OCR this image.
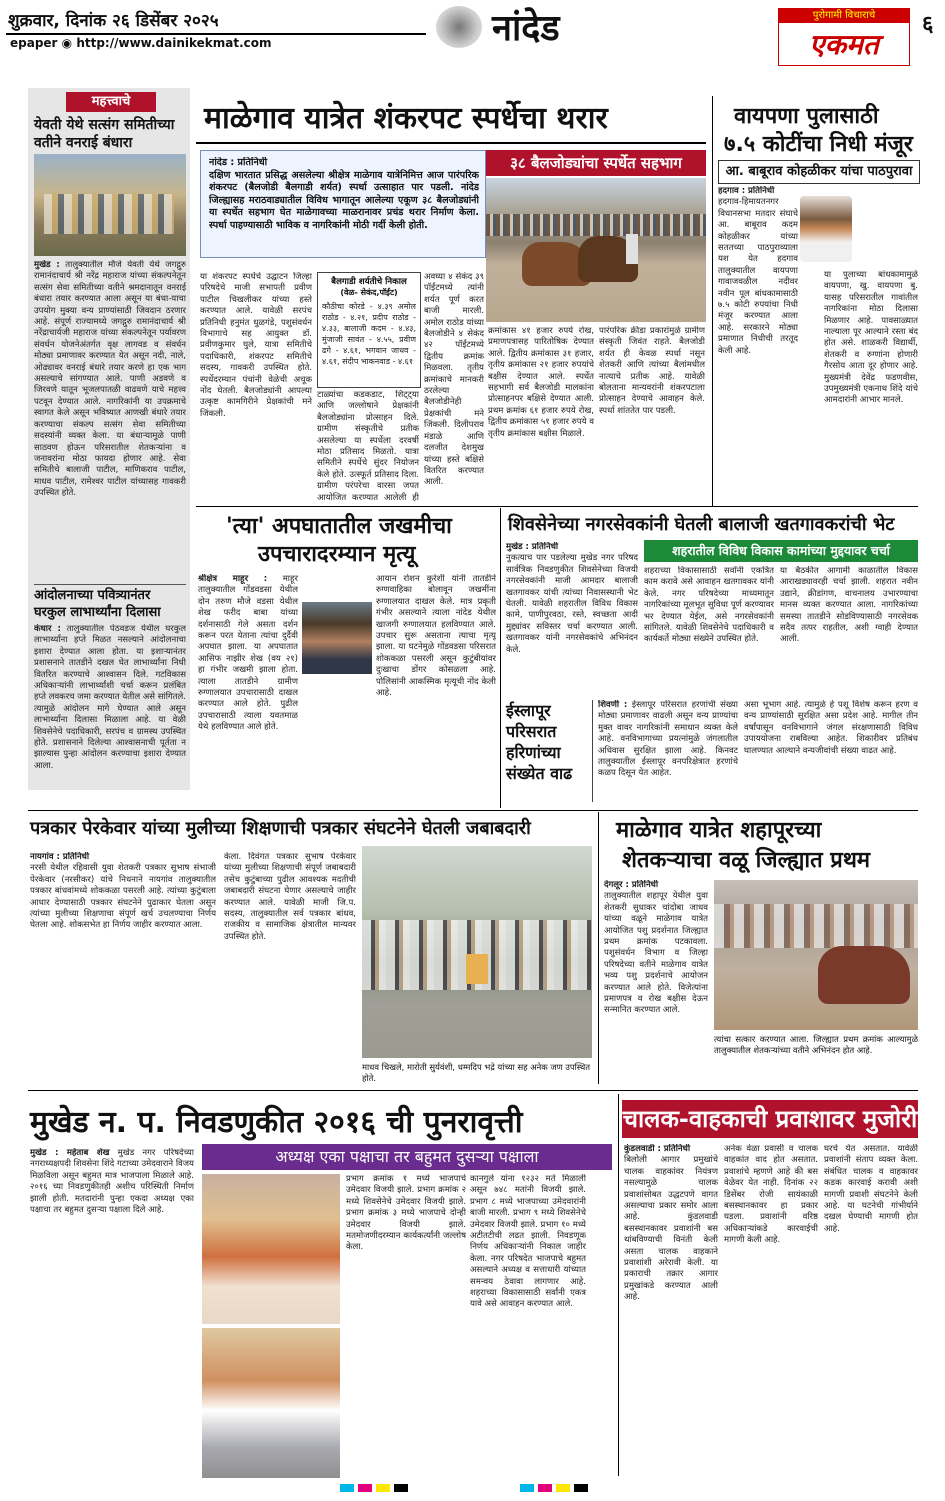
शुक्रवार, दिनांक २६ डिसेंबर २०२५
epaper ◉ http://www.dainikekmat.com	नांदेड	पुरोगामी विचाराचे
एकमत
६
महत्त्वाचे
येवती येथे सत्संग समितीच्या वतीने वनराई बंधारा
मुखेड : तालुक्यातील मौजे येवती येथे जगद्गुरु रामानंदाचार्य श्री नरेंद्र महाराज यांच्या संकल्पनेतून सत्संग सेवा समितीच्या वतीने श्रमदानातून वनराई बंधारा तयार करण्यात आला असून या बंधा-याचा उपयोग मुक्या वन्य प्राण्यांसाठी जिवदान ठरणार आहे. संपूर्ण राज्यामध्ये जगद्गुरु रामानंदाचार्य श्री नरेंद्राचार्यजी महाराज यांच्या संकल्पनेतून पर्यावरण संवर्धन योजनेअंतर्गत वृक्ष लागवड व संवर्धन मोठ्या प्रमाणावर करण्यात येत असून नदी, नाले, ओढ्यावर वनराई बंधारे तयार करणे हा एक भाग असल्याचे सांगण्यात आले. पाणी अडवणे व जिरवणे यातून भूजलपातळी वाढवणे याचे महत्त्व पटवून देण्यात आले. नागरिकांनी या उपक्रमाचे स्वागत केले असून भविष्यात आणखी बंधारे तयार करण्याचा संकल्प सत्संग सेवा समितीच्या सदस्यांनी व्यक्त केला. या बंधाऱ्यामुळे पाणी साठवण होऊन परिसरातील शेतकऱ्यांना व जनावरांना मोठा फायदा होणार आहे. सेवा समितीचे बालाजी पाटील, माणिकराव पाटील, माधव पाटील, रामेश्वर पाटील यांच्यासह गावकरी उपस्थित होते.
आंदोलनाच्या पवित्र्यानंतर घरकुल लाभार्थ्यांना दिलासा
कंधार : तालुक्यातील पेठवडज येथील घरकुल लाभार्थ्यांना हप्ते मिळत नसल्याने आंदोलनाचा इशारा देण्यात आला होता. या इशाऱ्यानंतर प्रशासनाने तातडीने दखल घेत लाभार्थ्यांना निधी वितरित करण्याचे आश्वासन दिले. गटविकास अधिकाऱ्यांनी लाभार्थ्यांशी चर्चा करून प्रलंबित हप्ते लवकरच जमा करण्यात येतील असे सांगितले. त्यामुळे आंदोलन मागे घेण्यात आले असून लाभार्थ्यांना दिलासा मिळाला आहे. या वेळी शिवसेनेचे पदाधिकारी, सरपंच व ग्रामस्थ उपस्थित होते. प्रशासनाने दिलेल्या आश्वासनाची पूर्तता न झाल्यास पुन्हा आंदोलन करण्याचा इशारा देण्यात आला.
माळेगाव यात्रेत शंकरपट स्पर्धेचा थरार
नांदेड : प्रतिनिधी
दक्षिण भारतात प्रसिद्ध असलेल्या श्रीक्षेत्र माळेगाव यात्रेनिमित्त आज पारंपरिक शंकरपट (बैलजोडी बैलगाडी शर्यत) स्पर्धा उत्साहात पार पडली. नांदेड जिल्ह्यासह मराठवाड्यातील विविध भागातून आलेल्या एकूण ३८ बैलजोड्यांनी या स्पर्धेत सहभाग घेत माळेगावच्या माळरानावर प्रचंड थरार निर्माण केला. स्पर्धा पाहण्यासाठी भाविक व नागरिकांनी मोठी गर्दी केली होती.
३८ बैलजोड्यांचा स्पर्धेत सहभाग
बैलगाडी शर्यतीचे निकाल
(वेळ- सेकंद,पॉईंट)
कौठीचा कोरडे - ४.३९ अमोल राठोड - ४.२१, प्रदीप राठोड - ४.३३, बालाजी कदम - ४.४३, मुंजाजी सावंत - ४.५५, प्रवीण ढगे - ४.६१, भगवान जाधव - ४.६१, संदीप भाकनवाड - ४.६१
या शंकरपट स्पर्धेचे उद्घाटन जिल्हा परिषदेचे माजी सभापती प्रवीण पाटील चिखलीकर यांच्या हस्ते करण्यात आले. यावेळी सरपंच प्रतिनिधी हनुमंत धुळगंडे, पशुसंवर्धन विभागाचे सह आयुक्त डॉ. प्रवीणकुमार घुले, यात्रा समितीचे पदाधिकारी, शंकरपट समितीचे सदस्य, गावकरी उपस्थित होते. स्पर्धेदरम्यान पंचांनी वेळेची अचूक नोंद घेतली. बैलजोड्यांनी आपल्या उत्कृष्ट कामगिरीने प्रेक्षकांची मने जिंकली.
टाळ्यांचा कडकडाट, शिट्ट्या आणि जल्लोषाने प्रेक्षकांनी बैलजोड्यांना प्रोत्साहन दिले. ग्रामीण संस्कृतीचे प्रतीक असलेल्या या स्पर्धेला दरवर्षी मोठा प्रतिसाद मिळतो. यात्रा समितीने स्पर्धेचे सुंदर नियोजन केले होते. उत्स्फूर्त प्रतिसाद दिला. ग्रामीण परंपरेचा वारसा जपत आयोजित करण्यात आलेली ही
अवघ्या ४ सेकंद ३९ पॉईंटमध्ये त्यांनी शर्यत पूर्ण करत बाजी मारली. अमोल राठोड यांच्या बैलजोडीने ४ सेकंद ४२ पॉईंटमध्ये द्वितीय क्रमांक मिळवला. तृतीय क्रमांकाचे मानकरी ठरलेल्या बैलजोडीनेही प्रेक्षकांची मने जिंकली. दिलीपराव मंडाळे आणि दलजीत देशमुख यांच्या हस्ते बक्षिसे वितरित करण्यात आली.
क्रमांकास ४१ हजार रुपये रोख, प्रमाणपत्रासह पारितोषिक देण्यात आले. द्वितीय क्रमांकास ३१ हजार, तृतीय क्रमांकास २१ हजार रुपयांचे बक्षीस देण्यात आले. स्पर्धेत सहभागी सर्व बैलजोडी मालकांना प्रोत्साहनपर बक्षिसे देण्यात आली. प्रथम क्रमांक ६१ हजार रुपये रोख, द्वितीय क्रमांकास ५१ हजार रुपये व तृतीय क्रमांकास बक्षीस मिळाले.
पारंपरिक क्रीडा प्रकारांमुळे ग्रामीण संस्कृती जिवंत राहते. बैलजोडी शर्यत ही केवळ स्पर्धा नसून शेतकरी आणि त्यांच्या बैलांमधील नात्याचे प्रतीक आहे. यावेळी बोलताना मान्यवरांनी शंकरपटाला प्रोत्साहन देण्याचे आवाहन केले. स्पर्धा शांततेत पार पडली.
वायपणा पुलासाठी
७.५ कोटींचा निधी मंजूर
आ. बाबूराव कोहळीकर यांचा पाठपुरावा
हदगाव : प्रतिनिधी
हदगाव-हिमायतनगर विधानसभा मतदार संघाचे आ. बाबूराव कदम कोहळीकर यांच्या सततच्या पाठपुराव्याला यश येत हदगाव तालुक्यातील वायपणा गावाजवळील नदीवर नवीन पूल बांधकामासाठी ७.५ कोटी रुपयांचा निधी मंजूर करण्यात आला आहे. सरकारने मोठ्या प्रमाणात निधीची तरतूद केली आहे.
या पुलाच्या बांधकामामुळे वायपणा, खु. वायपणा बु. यासह परिसरातील गावांतील नागरिकांना मोठा दिलासा मिळणार आहे. पावसाळ्यात नाल्याला पूर आल्याने रस्ता बंद होत असे. शाळकरी विद्यार्थी, शेतकरी व रुग्णांना होणारी गैरसोय आता दूर होणार आहे. मुख्यमंत्री देवेंद्र फडणवीस, उपमुख्यमंत्री एकनाथ शिंदे यांचे आमदारांनी आभार मानले.
'त्या' अपघातातील जखमीचा
उपचारादरम्यान मृत्यू
श्रीक्षेत्र माहूर : माहूर तालुक्यातील गोंडवडसा येथील दोन तरुण मौजे वडसा येथील शेख फरीद बाबा यांच्या दर्शनासाठी गेले असता दर्शन करून परत येताना त्यांचा दुर्दैवी अपघात झाला. या अपघातात आसिफ नाझीर शेख (वय २१) हा गंभीर जखमी झाला होता. त्याला तातडीने ग्रामीण रुग्णालयात उपचारासाठी दाखल करण्यात आले होते. पुढील उपचारासाठी त्याला यवतमाळ येथे हलविण्यात आले होते.
आयान रोशन कुरेशी यांनी तातडीने रुग्णवाहिका बोलावून जखमींना रुग्णालयात दाखल केले. मात्र प्रकृती गंभीर असल्याने त्याला नांदेड येथील खाजगी रुग्णालयात हलविण्यात आले. उपचार सुरू असताना त्याचा मृत्यू झाला. या घटनेमुळे गोंडवडसा परिसरात शोककळा पसरली असून कुटुंबीयांवर दुःखाचा डोंगर कोसळला आहे. पोलिसांनी आकस्मिक मृत्यूची नोंद केली आहे.
शिवसेनेच्या नगरसेवकांनी घेतली बालाजी खतगावकरांची भेट
शहरातील विविध विकास कामांच्या मुद्दयावर चर्चा
मुखेड : प्रतिनिधी
नुकत्याच पार पडलेल्या मुखेड नगर परिषद सार्वत्रिक निवडणुकीत शिवसेनेच्या विजयी नगरसेवकांनी माजी आमदार बालाजी खतगावकर यांची त्यांच्या निवासस्थानी भेट घेतली. यावेळी शहरातील विविध विकास कामे, पाणीपुरवठा, रस्ते, स्वच्छता आदी मुद्द्यांवर सविस्तर चर्चा करण्यात आली. खतगावकर यांनी नगरसेवकांचे अभिनंदन केले.
शहराच्या विकासासाठी सर्वांनी एकत्रित काम करावे असे आवाहन खतगावकर यांनी केले. नगर परिषदेच्या माध्यमातून नागरिकांच्या मूलभूत सुविधा पूर्ण करण्यावर भर देण्यात येईल, असे नगरसेवकांनी सांगितले. यावेळी शिवसेनेचे पदाधिकारी व कार्यकर्ते मोठ्या संख्येने उपस्थित होते.
या बैठकीत आगामी काळातील विकास आराखड्यावरही चर्चा झाली. शहरात नवीन उद्याने, क्रीडांगण, वाचनालय उभारण्याचा मानस व्यक्त करण्यात आला. नागरिकांच्या समस्या तातडीने सोडविण्यासाठी नगरसेवक सदैव तत्पर राहतील, अशी ग्वाही देण्यात आली.
ईस्लापूर परिसरात हरिणांच्या संख्येत वाढ
शिवणी : ईस्लापूर परिसरात हरणांची संख्या मोठ्या प्रमाणावर वाढली असून वन्य प्राण्यांचा मुक्त वावर नागरिकांनी समाधान व्यक्त केले आहे. वनविभागाच्या प्रयत्नांमुळे जंगलातील अधिवास सुरक्षित झाला आहे. किनवट तालुक्यातील ईस्लापूर वनपरिक्षेत्रात हरणांचे कळप दिसून येत आहेत.
असा भूभाग आहे. त्यामुळे हे पशू विशेष करून हरण व वन्य प्राण्यांसाठी सुरक्षित असा प्रदेश आहे. मागील तीन वर्षांपासून वनविभागाने जंगल संरक्षणासाठी विविध उपाययोजना राबविल्या आहेत. शिकारीवर प्रतिबंध घालण्यात आल्याने वन्यजीवांची संख्या वाढत आहे.
पत्रकार पेरकेवार यांच्या मुलीच्या शिक्षणाची पत्रकार संघटनेने घेतली जबाबदारी
नायगांव : प्रतिनिधी
नरसी येथील रहिवासी युवा शेतकरी पत्रकार सुभाष संभाजी पेरकेवार (नरसीकर) यांचे निधनाने नायगांव तालुक्यातील पत्रकार बांधवांमध्ये शोककळा पसरली आहे. त्यांच्या कुटुंबाला आधार देण्यासाठी पत्रकार संघटनेने पुढाकार घेतला असून त्यांच्या मुलीच्या शिक्षणाचा संपूर्ण खर्च उचलण्याचा निर्णय घेतला आहे. शोकसभेत हा निर्णय जाहीर करण्यात आला.
केला. दिवंगत पत्रकार सुभाष पेरकेवार यांच्या मुलीच्या शिक्षणाची संपूर्ण जबाबदारी तसेच कुटुंबाच्या पुढील आवश्यक मदतीची जबाबदारी संघटना घेणार असल्याचे जाहीर करण्यात आले. यावेळी माजी जि.प. सदस्य, तालुक्यातील सर्व पत्रकार बांधव, राजकीय व सामाजिक क्षेत्रातील मान्यवर उपस्थित होते.
माधव चिखले, मारोती सुर्यवंशी, धम्मदिप भद्रे यांच्या सह अनेक जण उपस्थित होते.
माळेगाव यात्रेत शहापूरच्या
शेतकऱ्याचा वळू जिल्ह्यात प्रथम
देगलूर : प्रतिनिधी
तालुक्यातील शहापूर येथील युवा शेतकरी सुधाकर चांदोबा जाधव यांच्या वळूने माळेगाव यात्रेत आयोजित पशु प्रदर्शनात जिल्ह्यात प्रथम क्रमांक पटकावला. पशुसंवर्धन विभाग व जिल्हा परिषदेच्या वतीने माळेगाव यात्रेत भव्य पशु प्रदर्शनाचे आयोजन करण्यात आले होते. विजेत्यांना प्रमाणपत्र व रोख बक्षीस देऊन सन्मानित करण्यात आले.
त्यांचा सत्कार करण्यात आला. जिल्ह्यात प्रथम क्रमांक आल्यामुळे तालुक्यातील शेतकऱ्यांच्या वतीने अभिनंदन होत आहे.
मुखेड न. प. निवडणुकीत २०१६ ची पुनरावृत्ती
अध्यक्ष एका पक्षाचा तर बहुमत दुसऱ्या पक्षाला
मुखेड : महेताब शेख मुखेड नगर परिषदेच्या नगराध्यक्षपदी शिवसेना शिंदे गटाच्या उमेदवाराने विजय मिळविला असून बहुमत मात्र भाजपाला मिळाले आहे. २०१६ च्या निवडणुकीतही अशीच परिस्थिती निर्माण झाली होती. मतदारांनी पुन्हा एकदा अध्यक्ष एका पक्षाचा तर बहुमत दुसऱ्या पक्षाला दिले आहे.
प्रभाग क्रमांक १ मध्ये भाजपाचे उमेदवार विजयी झाले. प्रभाग क्रमांक २ मध्ये शिवसेनेचे उमेदवार विजयी झाले. प्रभाग क्रमांक ३ मध्ये भाजपाचे दोन्ही उमेदवार विजयी झाले. मतमोजणीदरम्यान कार्यकर्त्यांनी जल्लोष केला.
कानगुले यांना १२३२ मते मिळाली असून ७४८ मतांनी विजयी झाले. प्रभाग ८ मध्ये भाजपाच्या उमेदवारांनी बाजी मारली. प्रभाग ९ मध्ये शिवसेनेचे उमेदवार विजयी झाले. प्रभाग १० मध्ये अटीतटीची लढत झाली. निवडणूक निर्णय अधिकाऱ्यांनी निकाल जाहीर केला. नगर परिषदेत भाजपाचे बहुमत असल्याने अध्यक्ष व सत्ताधारी यांच्यात समन्वय ठेवावा लागणार आहे. शहराच्या विकासासाठी सर्वांनी एकत्र यावे असे आवाहन करण्यात आले.
चालक-वाहकाची प्रवाशावर मुजोरी
कुंडलवाडी : प्रतिनिधी
बिलोली आगार प्रमुखांचे चालक वाहकांवर नियंत्रण नसल्यामुळे चालक प्रवाशांसोबत उद्धटपणे वागत असल्याचा प्रकार समोर आला आहे. कुंडलवाडी बसस्थानकावर प्रवाशांनी बस थांबविण्याची विनंती केली असता चालक वाहकाने प्रवाशांशी अरेरावी केली. या प्रकाराची तक्रार आगार प्रमुखांकडे करण्यात आली आहे.
अनेक वेळा प्रवासी व चालक वाहकांत वाद होत असतात. प्रवाशांचे म्हणणे आहे की बस वेळेवर येत नाही. दिनांक २२ डिसेंबर रोजी सायंकाळी बसस्थानकावर हा प्रकार घडला. प्रवाशांनी वरिष्ठ अधिकाऱ्यांकडे कारवाईची मागणी केली आहे.
घरचे येत असतात. यावेळी प्रवाशांनी संताप व्यक्त केला. संबंधित चालक व वाहकावर कडक कारवाई करावी अशी मागणी प्रवाशी संघटनेने केली आहे. या घटनेची गांभीर्याने दखल घेण्याची मागणी होत आहे.
